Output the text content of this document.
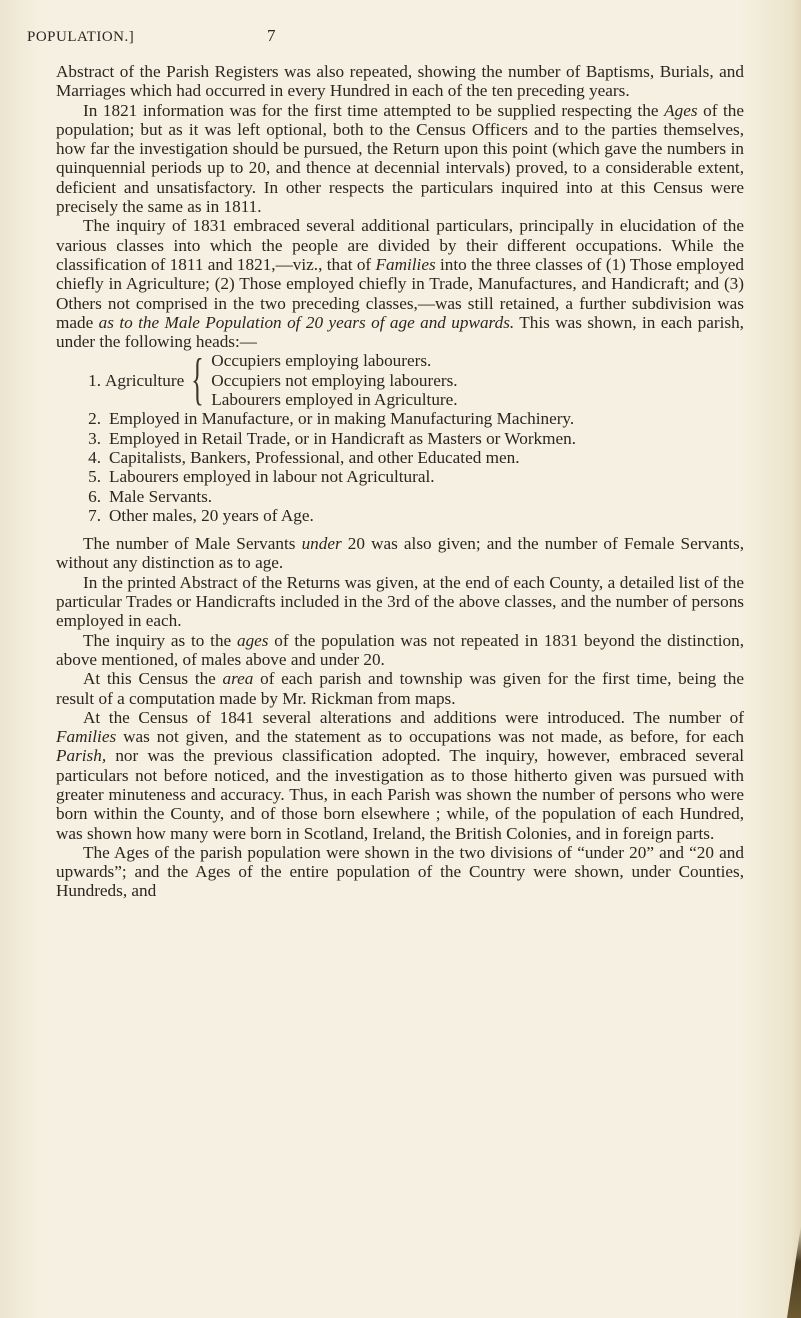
POPULATION.]	7

Abstract of the Parish Registers was also repeated, showing the number of Baptisms, Burials, and Marriages which had occurred in every Hundred in each of the ten preceding years.

In 1821 information was for the first time attempted to be supplied respecting the Ages of the population; but as it was left optional, both to the Census Officers and to the parties themselves, how far the investigation should be pursued, the Return upon this point (which gave the numbers in quinquennial periods up to 20, and thence at decennial intervals) proved, to a considerable extent, deficient and unsatisfactory. In other respects the particulars inquired into at this Census were precisely the same as in 1811.

The inquiry of 1831 embraced several additional particulars, principally in elucidation of the various classes into which the people are divided by their different occupations. While the classification of 1811 and 1821,—viz., that of Families into the three classes of (1) Those employed chiefly in Agriculture; (2) Those employed chiefly in Trade, Manufactures, and Handicraft; and (3) Others not comprised in the two preceding classes,—was still retained, a further subdivision was made as to the Male Population of 20 years of age and upwards. This was shown, in each parish, under the following heads:—

1. Agriculture { Occupiers employing labourers.
Occupiers not employing labourers.
Labourers employed in Agriculture.
2. Employed in Manufacture, or in making Manufacturing Machinery.
3. Employed in Retail Trade, or in Handicraft as Masters or Workmen.
4. Capitalists, Bankers, Professional, and other Educated men.
5. Labourers employed in labour not Agricultural.
6. Male Servants.
7. Other males, 20 years of Age.

The number of Male Servants under 20 was also given; and the number of Female Servants, without any distinction as to age.

In the printed Abstract of the Returns was given, at the end of each County, a detailed list of the particular Trades or Handicrafts included in the 3rd of the above classes, and the number of persons employed in each.

The inquiry as to the ages of the population was not repeated in 1831 beyond the distinction, above mentioned, of males above and under 20.

At this Census the area of each parish and township was given for the first time, being the result of a computation made by Mr. Rickman from maps.

At the Census of 1841 several alterations and additions were introduced. The number of Families was not given, and the statement as to occupations was not made, as before, for each Parish, nor was the previous classification adopted. The inquiry, however, embraced several particulars not before noticed, and the investigation as to those hitherto given was pursued with greater minuteness and accuracy. Thus, in each Parish was shown the number of persons who were born within the County, and of those born elsewhere ; while, of the population of each Hundred, was shown how many were born in Scotland, Ireland, the British Colonies, and in foreign parts.

The Ages of the parish population were shown in the two divisions of “under 20” and “20 and upwards”; and the Ages of the entire population of the Country were shown, under Counties, Hundreds, and
